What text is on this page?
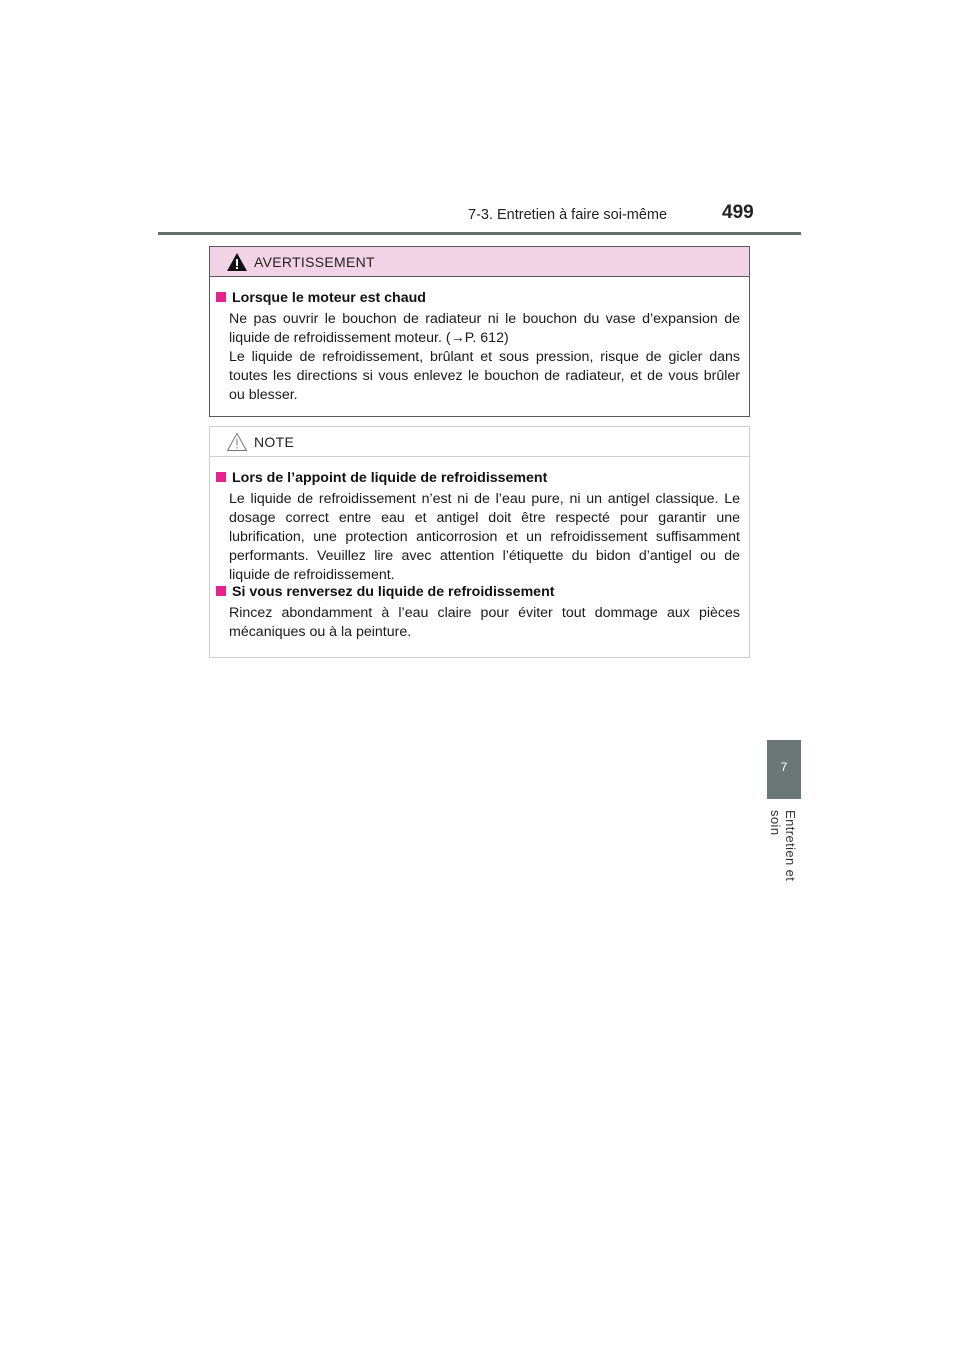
7-3. Entretien à faire soi-même	499
AVERTISSEMENT
Lorsque le moteur est chaud
Ne pas ouvrir le bouchon de radiateur ni le bouchon du vase d’expansion de liquide de refroidissement moteur. (→P. 612)
Le liquide de refroidissement, brûlant et sous pression, risque de gicler dans toutes les directions si vous enlevez le bouchon de radiateur, et de vous brûler ou blesser.
NOTE
Lors de l’appoint de liquide de refroidissement
Le liquide de refroidissement n’est ni de l’eau pure, ni un antigel classique. Le dosage correct entre eau et antigel doit être respecté pour garantir une lubrification, une protection anticorrosion et un refroidissement suffisamment performants. Veuillez lire avec attention l’étiquette du bidon d’antigel ou de liquide de refroidissement.
Si vous renversez du liquide de refroidissement
Rincez abondamment à l’eau claire pour éviter tout dommage aux pièces mécaniques ou à la peinture.
7
Entretien et soin
